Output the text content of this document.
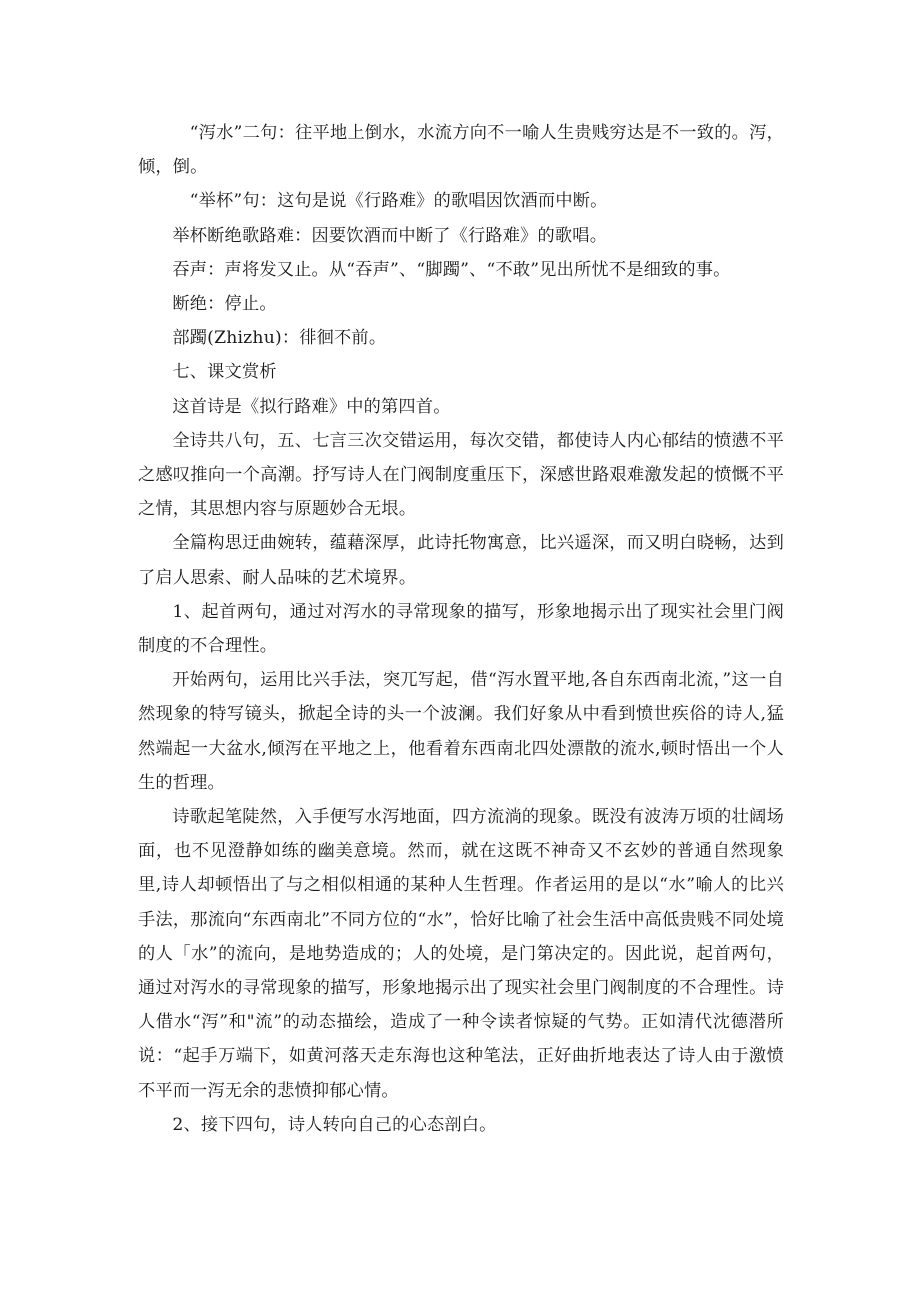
“泻水”二句：往平地上倒水，水流方向不一喻人生贵贱穷达是不一致的。泻，倾，倒。

“举杯”句：这句是说《行路难》的歌唱因饮酒而中断。

举杯断绝歌路难：因要饮酒而中断了《行路难》的歌唱。

吞声：声将发又止。从“吞声”、“脚躅”、“不敢”见出所忧不是细致的事。

断绝：停止。

部躅(Zhizhu)：徘徊不前。

七、课文赏析

这首诗是《拟行路难》中的第四首。

全诗共八句，五、七言三次交错运用，每次交错，都使诗人内心郁结的愤懑不平之感叹推向一个高潮。抒写诗人在门阀制度重压下，深感世路艰难激发起的愤慨不平之情，其思想内容与原题妙合无垠。

全篇构思迂曲婉转，蕴藉深厚，此诗托物寓意，比兴遥深，而又明白晓畅，达到了启人思索、耐人品味的艺术境界。

1、起首两句，通过对泻水的寻常现象的描写，形象地揭示出了现实社会里门阀制度的不合理性。

开始两句，运用比兴手法，突兀写起，借“泻水置平地,各自东西南北流，”这一自然现象的特写镜头，掀起全诗的头一个波澜。我们好象从中看到愤世疾俗的诗人,猛然端起一大盆水,倾泻在平地之上，他看着东西南北四处漂散的流水,顿时悟出一个人生的哲理。

诗歌起笔陡然，入手便写水泻地面，四方流淌的现象。既没有波涛万顷的壮阔场面，也不见澄静如练的幽美意境。然而，就在这既不神奇又不玄妙的普通自然现象里,诗人却顿悟出了与之相似相通的某种人生哲理。作者运用的是以“水”喻人的比兴手法，那流向“东西南北”不同方位的“水”，恰好比喻了社会生活中高低贵贱不同处境的人「水”的流向，是地势造成的；人的处境，是门第决定的。因此说，起首两句，通过对泻水的寻常现象的描写，形象地揭示出了现实社会里门阀制度的不合理性。诗人借水“泻”和"流”的动态描绘，造成了一种令读者惊疑的气势。正如清代沈德潜所说：“起手万端下，如黄河落天走东海也这种笔法，正好曲折地表达了诗人由于激愤不平而一泻无余的悲愤抑郁心情。

2、接下四句，诗人转向自己的心态剖白。
